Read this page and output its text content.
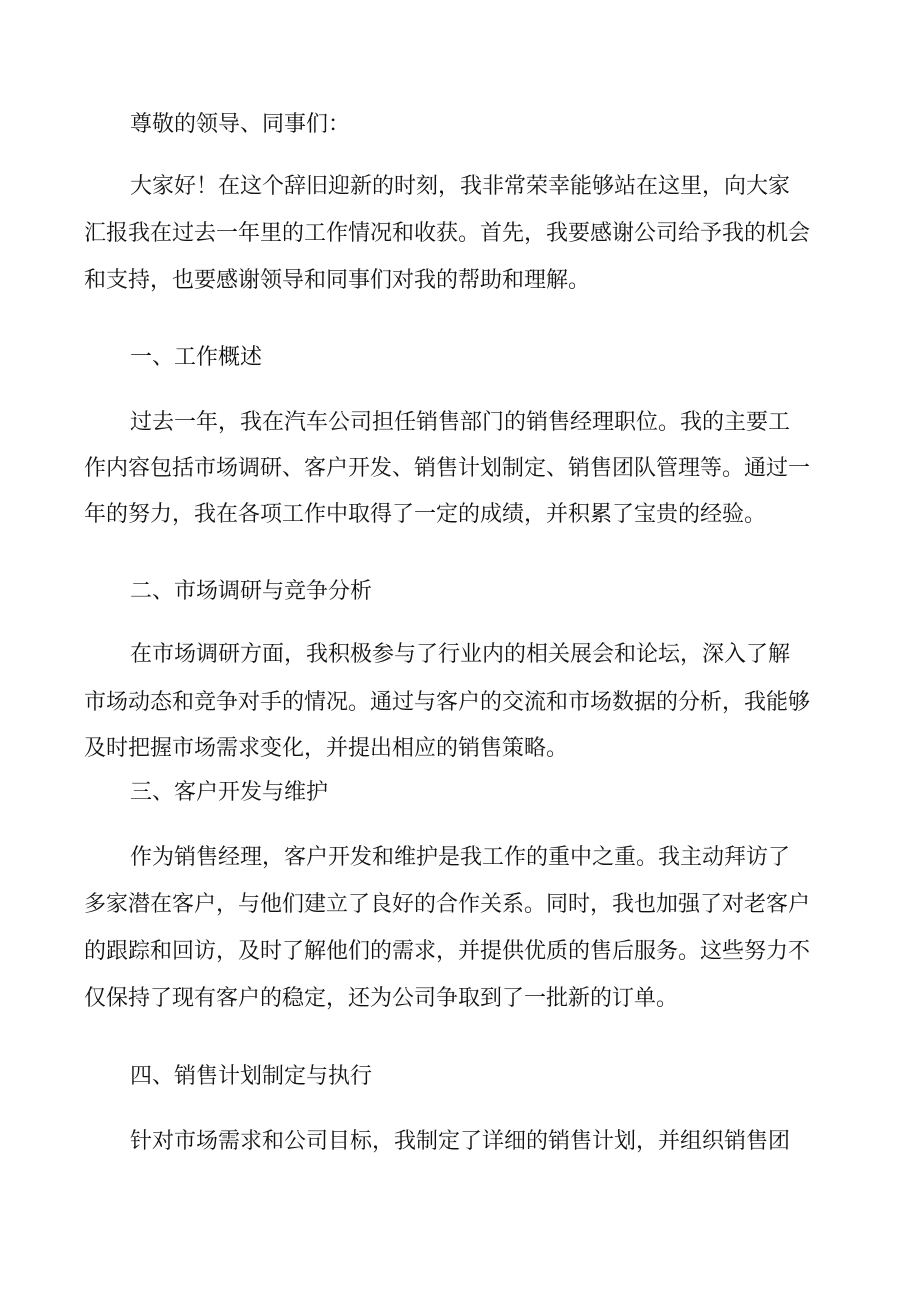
尊敬的领导、同事们：
大家好！在这个辞旧迎新的时刻，我非常荣幸能够站在这里，向大家
汇报我在过去一年里的工作情况和收获。首先，我要感谢公司给予我的机会
和支持，也要感谢领导和同事们对我的帮助和理解。
一、工作概述
过去一年，我在汽车公司担任销售部门的销售经理职位。我的主要工
作内容包括市场调研、客户开发、销售计划制定、销售团队管理等。通过一
年的努力，我在各项工作中取得了一定的成绩，并积累了宝贵的经验。
二、市场调研与竞争分析
在市场调研方面，我积极参与了行业内的相关展会和论坛，深入了解
市场动态和竞争对手的情况。通过与客户的交流和市场数据的分析，我能够
及时把握市场需求变化，并提出相应的销售策略。
三、客户开发与维护
作为销售经理，客户开发和维护是我工作的重中之重。我主动拜访了
多家潜在客户，与他们建立了良好的合作关系。同时，我也加强了对老客户
的跟踪和回访，及时了解他们的需求，并提供优质的售后服务。这些努力不
仅保持了现有客户的稳定，还为公司争取到了一批新的订单。
四、销售计划制定与执行
针对市场需求和公司目标，我制定了详细的销售计划，并组织销售团
